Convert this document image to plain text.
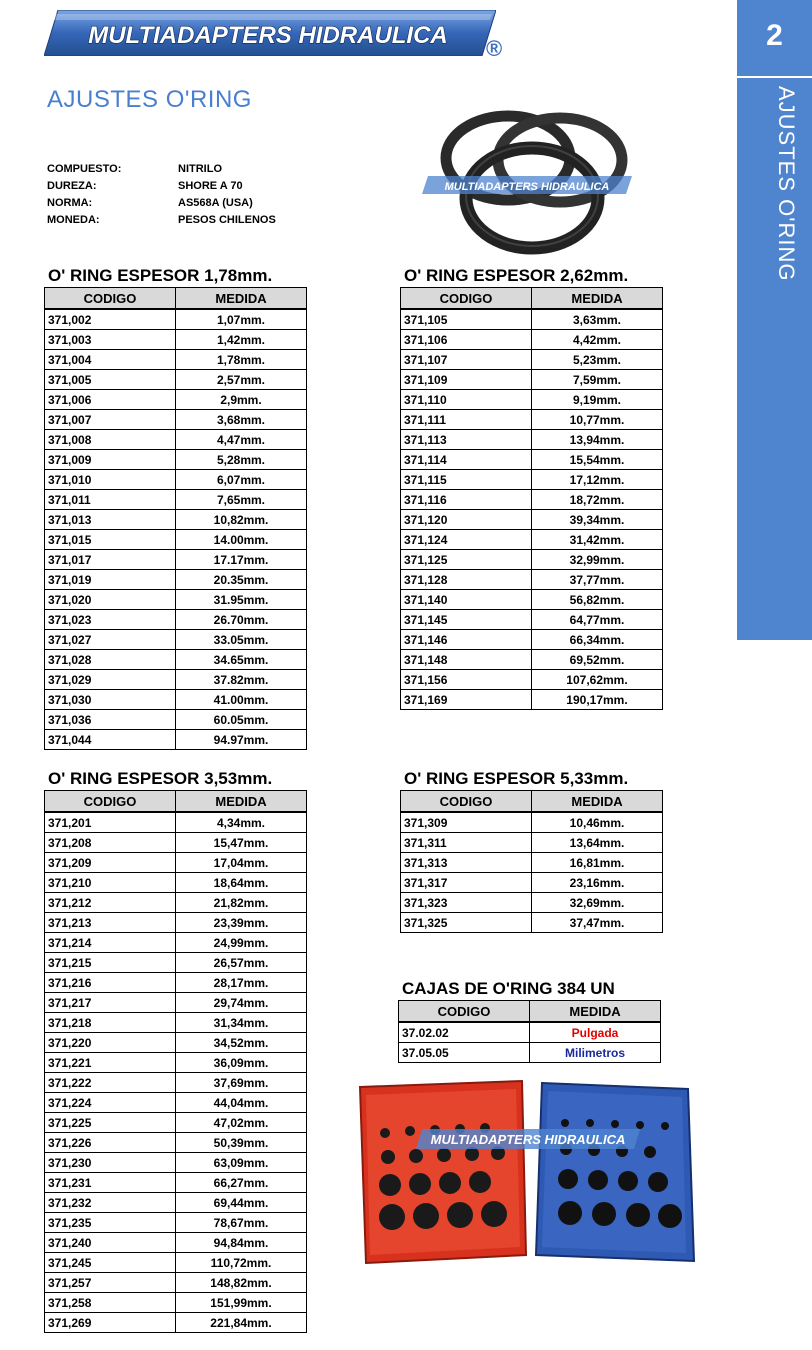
MULTIADAPTERS HIDRAULICA ®
AJUSTES O'RING
2
AJUSTES O'RING
COMPUESTO:	NITRILO
DUREZA:	SHORE A 70
NORMA:	AS568A (USA)
MONEDA:	PESOS CHILENOS
MULTIADAPTERS HIDRAULICA
O' RING ESPESOR 1,78mm.
CODIGO	MEDIDA
371,002	1,07mm.
371,003	1,42mm.
371,004	1,78mm.
371,005	2,57mm.
371,006	2,9mm.
371,007	3,68mm.
371,008	4,47mm.
371,009	5,28mm.
371,010	6,07mm.
371,011	7,65mm.
371,013	10,82mm.
371,015	14.00mm.
371,017	17.17mm.
371,019	20.35mm.
371,020	31.95mm.
371,023	26.70mm.
371,027	33.05mm.
371,028	34.65mm.
371,029	37.82mm.
371,030	41.00mm.
371,036	60.05mm.
371,044	94.97mm.
O' RING ESPESOR 2,62mm.
CODIGO	MEDIDA
371,105	3,63mm.
371,106	4,42mm.
371,107	5,23mm.
371,109	7,59mm.
371,110	9,19mm.
371,111	10,77mm.
371,113	13,94mm.
371,114	15,54mm.
371,115	17,12mm.
371,116	18,72mm.
371,120	39,34mm.
371,124	31,42mm.
371,125	32,99mm.
371,128	37,77mm.
371,140	56,82mm.
371,145	64,77mm.
371,146	66,34mm.
371,148	69,52mm.
371,156	107,62mm.
371,169	190,17mm.
O' RING ESPESOR 3,53mm.
CODIGO	MEDIDA
371,201	4,34mm.
371,208	15,47mm.
371,209	17,04mm.
371,210	18,64mm.
371,212	21,82mm.
371,213	23,39mm.
371,214	24,99mm.
371,215	26,57mm.
371,216	28,17mm.
371,217	29,74mm.
371,218	31,34mm.
371,220	34,52mm.
371,221	36,09mm.
371,222	37,69mm.
371,224	44,04mm.
371,225	47,02mm.
371,226	50,39mm.
371,230	63,09mm.
371,231	66,27mm.
371,232	69,44mm.
371,235	78,67mm.
371,240	94,84mm.
371,245	110,72mm.
371,257	148,82mm.
371,258	151,99mm.
371,269	221,84mm.
O' RING ESPESOR 5,33mm.
CODIGO	MEDIDA
371,309	10,46mm.
371,311	13,64mm.
371,313	16,81mm.
371,317	23,16mm.
371,323	32,69mm.
371,325	37,47mm.
CAJAS DE O'RING 384 UN
CODIGO	MEDIDA
37.02.02	Pulgada
37.05.05	Milimetros
MULTIADAPTERS HIDRAULICA
